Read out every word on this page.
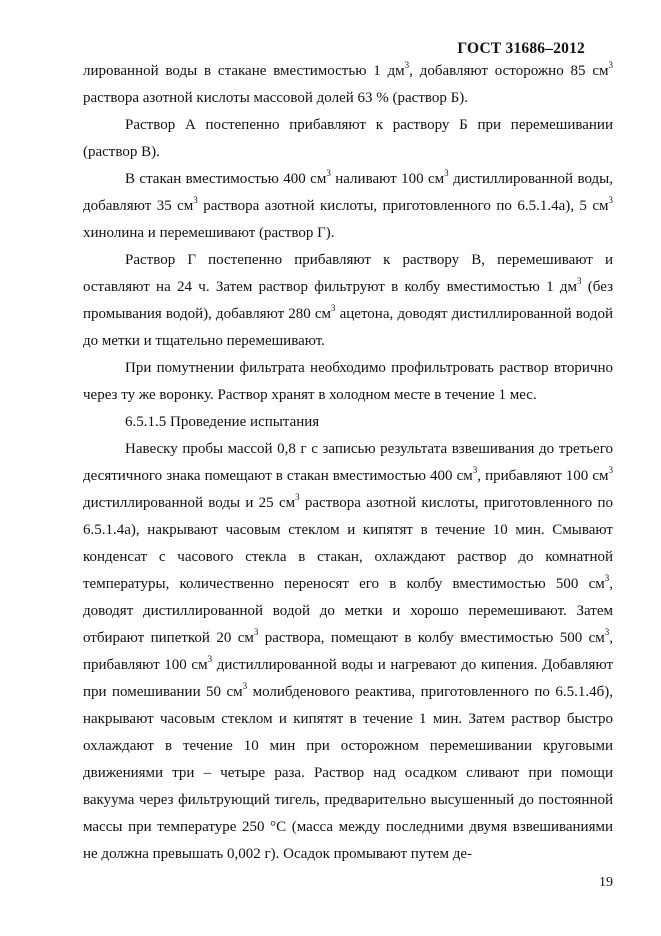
ГОСТ 31686–2012

лированной воды в стакане вместимостью 1 $дм^3$, добавляют осторожно 85 $см^3$ раствора азотной кислоты массовой долей 63 % (раствор Б).

Раствор А постепенно прибавляют к раствору Б при перемешивании (раствор В).

В стакан вместимостью 400 $см^3$ наливают 100 $см^3$ дистиллированной воды, добавляют 35 $см^3$ раствора азотной кислоты, приготовленного по 6.5.1.4а), 5 $см^3$ хинолина и перемешивают (раствор Г).

Раствор Г постепенно прибавляют к раствору В, перемешивают и оставляют на 24 ч. Затем раствор фильтруют в колбу вместимостью 1 $дм^3$ (без промывания водой), добавляют 280 $см^3$ ацетона, доводят дистиллированной водой до метки и тщательно перемешивают.

При помутнении фильтрата необходимо профильтровать раствор вторично через ту же воронку. Раствор хранят в холодном месте в течение 1 мес.

6.5.1.5 Проведение испытания

Навеску пробы массой 0,8 г с записью результата взвешивания до третьего десятичного знака помещают в стакан вместимостью 400 $см^3$, прибавляют 100 $см^3$ дистиллированной воды и 25 $см^3$ раствора азотной кислоты, приготовленного по 6.5.1.4а), накрывают часовым стеклом и кипятят в течение 10 мин. Смывают конденсат с часового стекла в стакан, охлаждают раствор до комнатной температуры, количественно переносят его в колбу вместимостью 500 $см^3$, доводят дистиллированной водой до метки и хорошо перемешивают. Затем отбирают пипеткой 20 $см^3$ раствора, помещают в колбу вместимостью 500 $см^3$, прибавляют 100 $см^3$ дистиллированной воды и нагревают до кипения. Добавляют при помешивании 50 $см^3$ молибденового реактива, приготовленного по 6.5.1.4б), накрывают часовым стеклом и кипятят в течение 1 мин. Затем раствор быстро охлаждают в течение 10 мин при осторожном перемешивании круговыми движениями три – четыре раза. Раствор над осадком сливают при помощи вакуума через фильтрующий тигель, предварительно высушенный до постоянной массы при температуре 250 °С (масса между последними двумя взвешиваниями не должна превышать 0,002 г). Осадок промывают путем де-

19
